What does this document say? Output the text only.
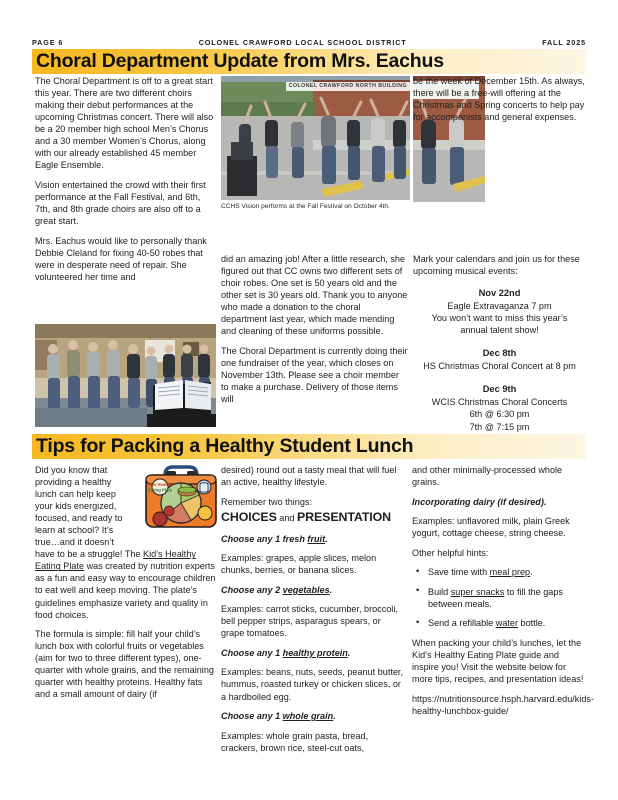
PAGE 6	COLONEL CRAWFORD LOCAL SCHOOL DISTRICT	FALL 2025
Choral Department Update from Mrs. Eachus

The Choral Department is off to a great start this year. There are two different choirs making their debut performances at the upcoming Christmas concert. There will also be a 20 member high school Men’s Chorus and a 30 member Women’s Chorus, along with our already established 45 member Eagle Ensemble.

Vision entertained the crowd with their first performance at the Fall Festival, and 6th, 7th, and 8th grade choirs are also off to a great start.

Mrs. Eachus would like to personally thank Debbie Cleland for fixing 40-50 robes that were in desperate need of repair. She volunteered her time and

COLONEL CRAWFORD NORTH BUILDING
CCHS Vision performs at the Fall Festival on October 4th.

did an amazing job! After a little research, she figured out that CC owns two different sets of choir robes. One set is 50 years old and the other set is 30 years old. Thank you to anyone who made a donation to the choral department last year, which made mending and cleaning of these uniforms possible.

The Choral Department is currently doing their one fundraiser of the year, which closes on November 13th. Please see a choir member to make a purchase. Delivery of those items will

be the week of December 15th. As always, there will be a free-will offering at the Christmas and Spring concerts to help pay for accompanists and general expenses.

Mark your calendars and join us for these upcoming musical events:

Nov 22nd

Eagle Extravaganza 7 pm

You won’t want to miss this year’s

annual talent show!

Dec 8th

HS Christmas Choral Concert at 8 pm

Dec 9th

WCIS Christmas Choral Concerts

6th @ 6:30 pm

7th @ 7:15 pm

Tips for Packing a Healthy Student Lunch
Kids Healthy
Eating Plate

Did you know that providing a healthy lunch can help keep your kids energized, focused, and ready to learn at school? It’s true…and it doesn’t have to be a struggle! The Kid’s Healthy Eating Plate was created by nutrition experts as a fun and easy way to encourage children to eat well and keep moving. The plate’s guidelines emphasize variety and quality in food choices.

The formula is simple: fill half your child’s lunch box with colorful fruits or vegetables (aim for two to three different types), one-quarter with whole grains, and the remaining quarter with healthy proteins. Healthy fats and a small amount of dairy (if

desired) round out a tasty meal that will fuel an active, healthy lifestyle.

Remember two things:

CHOICES and PRESENTATION

Choose any 1 fresh fruit.

Examples: grapes, apple slices, melon chunks, berries, or banana slices.

Choose any 2 vegetables.

Examples: carrot sticks, cucumber, broccoli, bell pepper strips, asparagus spears, or grape tomatoes.

Choose any 1 healthy protein.

Examples: beans, nuts, seeds, peanut butter, hummus, roasted turkey or chicken slices, or a hardboiled egg.

Choose any 1 whole grain.

Examples: whole grain pasta, bread, crackers, brown rice, steel-cut oats,

and other minimally-processed whole grains.

Incorporating dairy (if desired).

Examples: unflavored milk, plain Greek yogurt, cottage cheese, string cheese.

Other helpful hints:

• Save time with meal prep.
• Build super snacks to fill the gaps between meals.
• Send a refillable water bottle.

When packing your child’s lunches, let the Kid’s Healthy Eating Plate guide and inspire you! Visit the website below for more tips, recipes, and presentation ideas!

https://nutritionsource.hsph.harvard.edu/kids-healthy-lunchbox-guide/
